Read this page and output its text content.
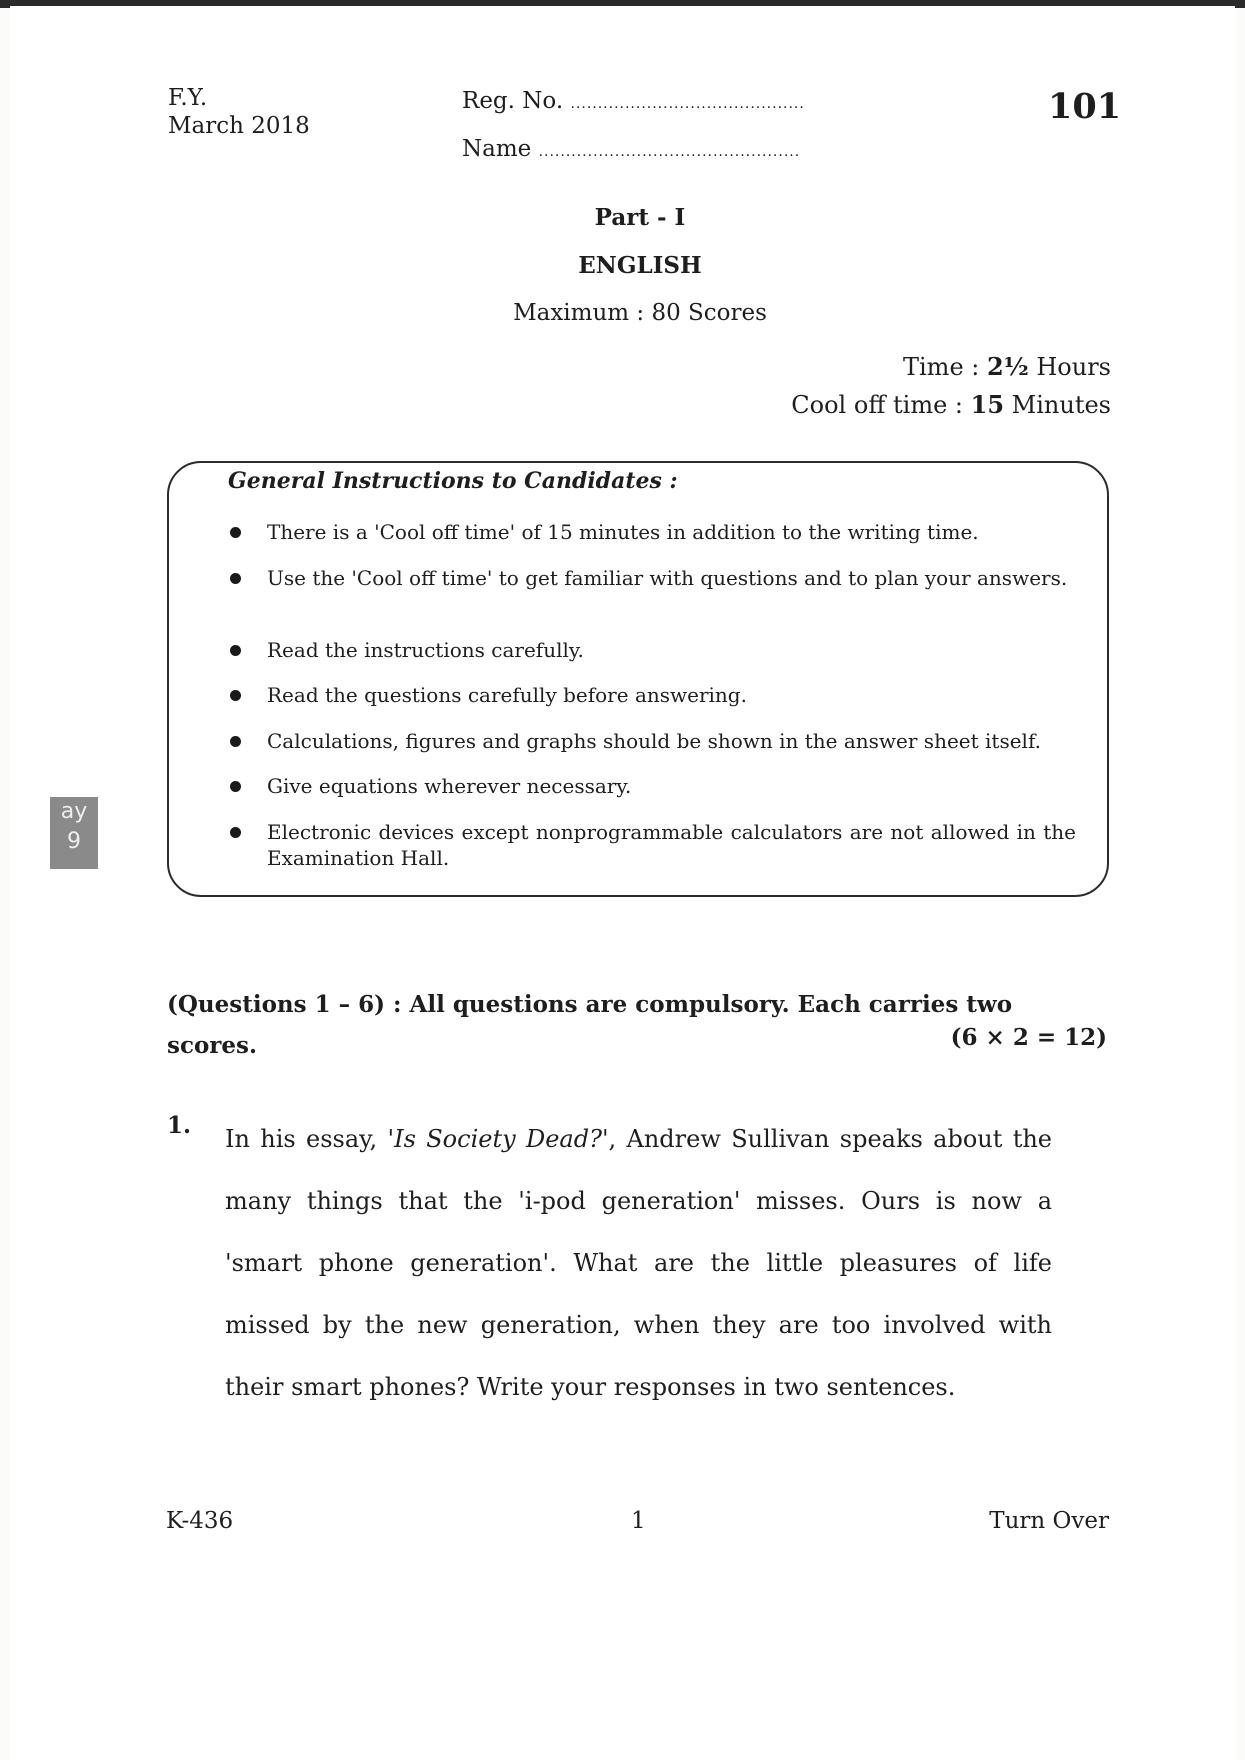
F.Y.
March 2018
Reg. No. ...........................................
Name ................................................
101
Part - I
ENGLISH
Maximum : 80 Scores
Time : 2½ Hours
Cool off time : 15 Minutes
General Instructions to Candidates :
There is a 'Cool off time' of 15 minutes in addition to the writing time.
Use the 'Cool off time' to get familiar with questions and to plan your answers.
Read the instructions carefully.
Read the questions carefully before answering.
Calculations, figures and graphs should be shown in the answer sheet itself.
Give equations wherever necessary.
Electronic devices except nonprogrammable calculators are not allowed in the Examination Hall.
ay
9
(Questions 1 – 6) : All questions are compulsory. Each carries two scores.	(6 × 2 = 12)
1. In his essay, 'Is Society Dead?', Andrew Sullivan speaks about the many things that the 'i-pod generation' misses. Ours is now a 'smart phone generation'. What are the little pleasures of life missed by the new generation, when they are too involved with their smart phones? Write your responses in two sentences.
K-436	1	Turn Over
